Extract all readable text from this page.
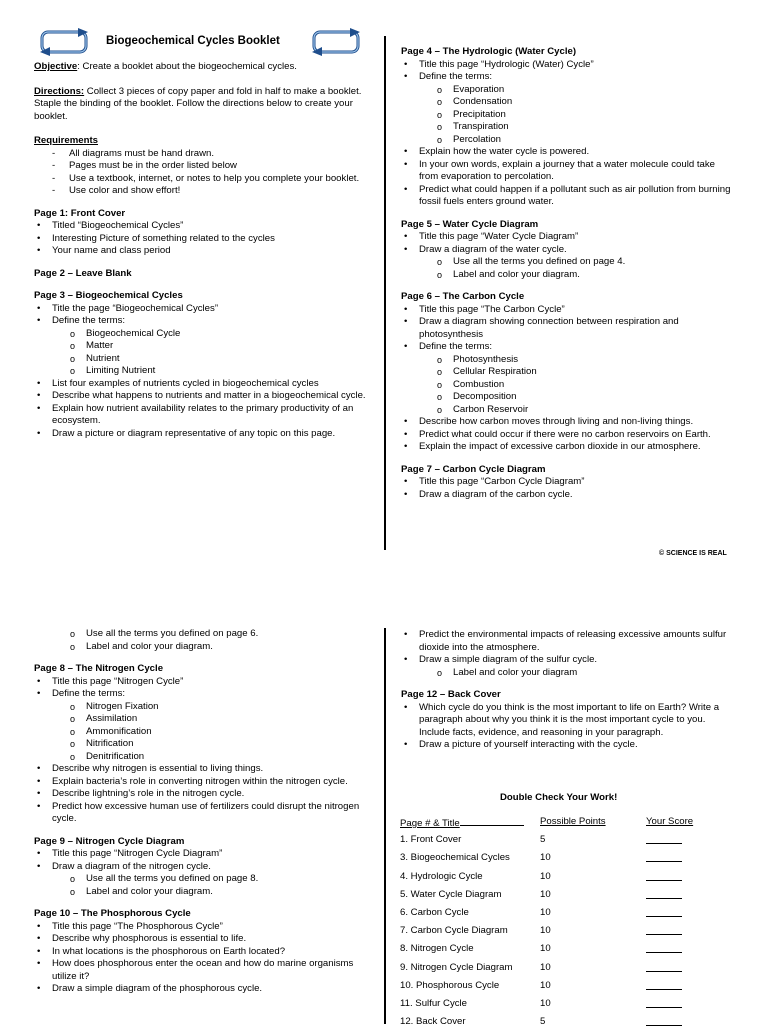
Biogeochemical Cycles Booklet

Objective: Create a booklet about the biogeochemical cycles.

Directions: Collect 3 pieces of copy paper and fold in half to make a booklet. Staple the binding of the booklet. Follow the directions below to create your booklet.

Requirements

- All diagrams must be hand drawn.
- Pages must be in the order listed below
- Use a textbook, internet, or notes to help you complete your booklet.
- Use color and show effort!

Page 1: Front Cover

• Titled “Biogeochemical Cycles”
• Interesting Picture of something related to the cycles
• Your name and class period

Page 2 – Leave Blank

Page 3 – Biogeochemical Cycles

• Title the page “Biogeochemical Cycles”
• Define the terms:
o Biogeochemical Cycle
o Matter
o Nutrient
o Limiting Nutrient
• List four examples of nutrients cycled in biogeochemical cycles
• Describe what happens to nutrients and matter in a biogeochemical cycle.
• Explain how nutrient availability relates to the primary productivity of an ecosystem.
• Draw a picture or diagram representative of any topic on this page.

Page 4 – The Hydrologic (Water Cycle)

• Title this page “Hydrologic (Water) Cycle”
• Define the terms:
o Evaporation
o Condensation
o Precipitation
o Transpiration
o Percolation
• Explain how the water cycle is powered.
• In your own words, explain a journey that a water molecule could take from evaporation to percolation.
• Predict what could happen if a pollutant such as air pollution from burning fossil fuels enters ground water.

Page 5 – Water Cycle Diagram

• Title this page “Water Cycle Diagram”
• Draw a diagram of the water cycle.
o Use all the terms you defined on page 4.
o Label and color your diagram.

Page 6 – The Carbon Cycle

• Title this page “The Carbon Cycle”
• Draw a diagram showing connection between respiration and photosynthesis
• Define the terms:
o Photosynthesis
o Cellular Respiration
o Combustion
o Decomposition
o Carbon Reservoir
• Describe how carbon moves through living and non-living things.
• Predict what could occur if there were no carbon reservoirs on Earth.
• Explain the impact of excessive carbon dioxide in our atmosphere.

Page 7 – Carbon Cycle Diagram

• Title this page “Carbon Cycle Diagram”
• Draw a diagram of the carbon cycle.
© SCIENCE IS REAL
o Use all the terms you defined on page 6.
o Label and color your diagram.

Page 8 – The Nitrogen Cycle

• Title this page “Nitrogen Cycle”
• Define the terms:
o Nitrogen Fixation
o Assimilation
o Ammonification
o Nitrification
o Denitrification
• Describe why nitrogen is essential to living things.
• Explain bacteria’s role in converting nitrogen within the nitrogen cycle.
• Describe lightning’s role in the nitrogen cycle.
• Predict how excessive human use of fertilizers could disrupt the nitrogen cycle.

Page 9 – Nitrogen Cycle Diagram

• Title this page “Nitrogen Cycle Diagram”
• Draw a diagram of the nitrogen cycle.
o Use all the terms you defined on page 8.
o Label and color your diagram.

Page 10 – The Phosphorous Cycle

• Title this page “The Phosphorous Cycle”
• Describe why phosphorous is essential to life.
• In what locations is the phosphorous on Earth located?
• How does phosphorous enter the ocean and how do marine organisms utilize it?
• Draw a simple diagram of the phosphorous cycle.
• Predict the environmental impacts of releasing excessive amounts sulfur dioxide into the atmosphere.
• Draw a simple diagram of the sulfur cycle.
o Label and color your diagram

Page 12 – Back Cover

• Which cycle do you think is the most important to life on Earth? Write a paragraph about why you think it is the most important cycle to you. Include facts, evidence, and reasoning in your paragraph.
• Draw a picture of yourself interacting with the cycle.
Double Check Your Work!
Page # & Title	Possible Points	Your Score
1. Front Cover	5	
3. Biogeochemical Cycles	10	
4. Hydrologic Cycle	10	
5. Water Cycle Diagram	10	
6. Carbon Cycle	10	
7. Carbon Cycle Diagram	10	
8. Nitrogen Cycle	10	
9. Nitrogen Cycle Diagram	10	
10. Phosphorous Cycle	10	
11. Sulfur Cycle	10	
12. Back Cover	5	
